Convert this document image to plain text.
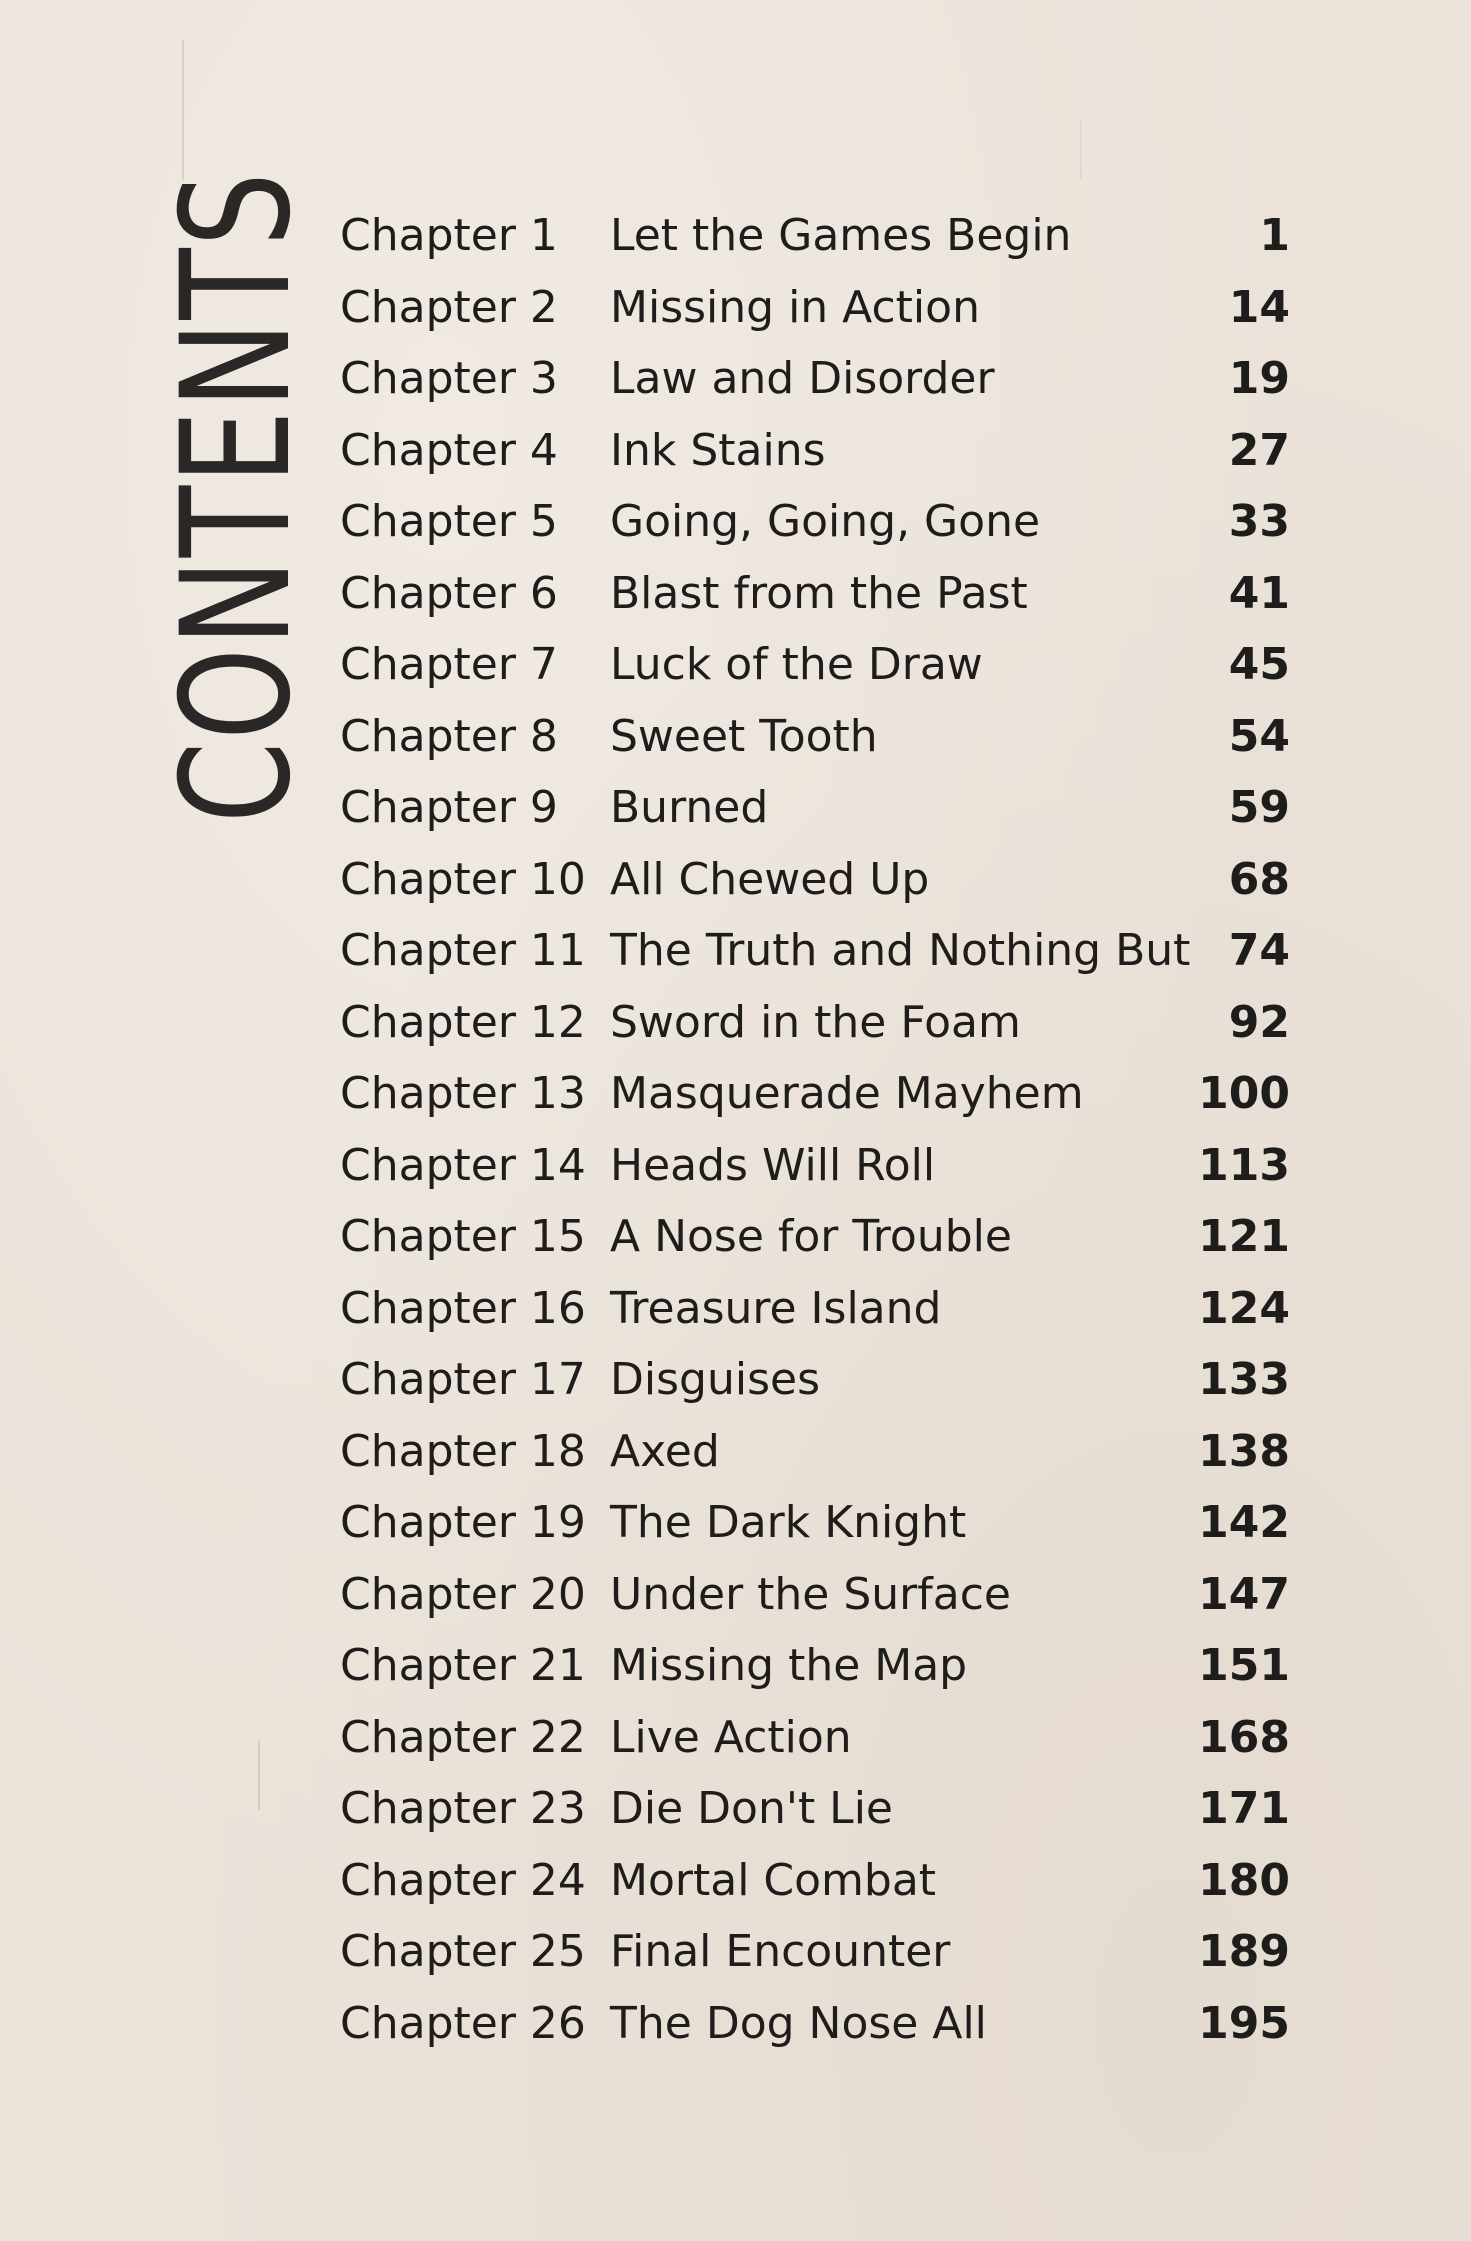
CONTENTS Chapter 1 Let the Games Begin	1
Chapter 2 Missing in Action	14
Chapter 3 Law and Disorder	19
Chapter 4 Ink Stains	27
Chapter 5 Going, Going, Gone	33
Chapter 6 Blast from the Past	41
Chapter 7 Luck of the Draw	45
Chapter 8 Sweet Tooth	54
Chapter 9 Burned	59
Chapter 10 All Chewed Up	68
Chapter 11 The Truth and Nothing But 74
Chapter 12 Sword in the Foam	92
Chapter 13 Masquerade Mayhem	100
Chapter 14 Heads Will Roll	113
Chapter 15 A Nose for Trouble	121
Chapter 16 Treasure Island	124
Chapter 17 Disguises	133
Chapter 18 Axed	138
Chapter 19 The Dark Knight	142
Chapter 20 Under the Surface	147
Chapter 21 Missing the Map	151
Chapter 22 Live Action	168
Chapter 23 Die Don't Lie	171
Chapter 24 Mortal Combat	180
Chapter 25 Final Encounter	189
Chapter 26 The Dog Nose All	195
